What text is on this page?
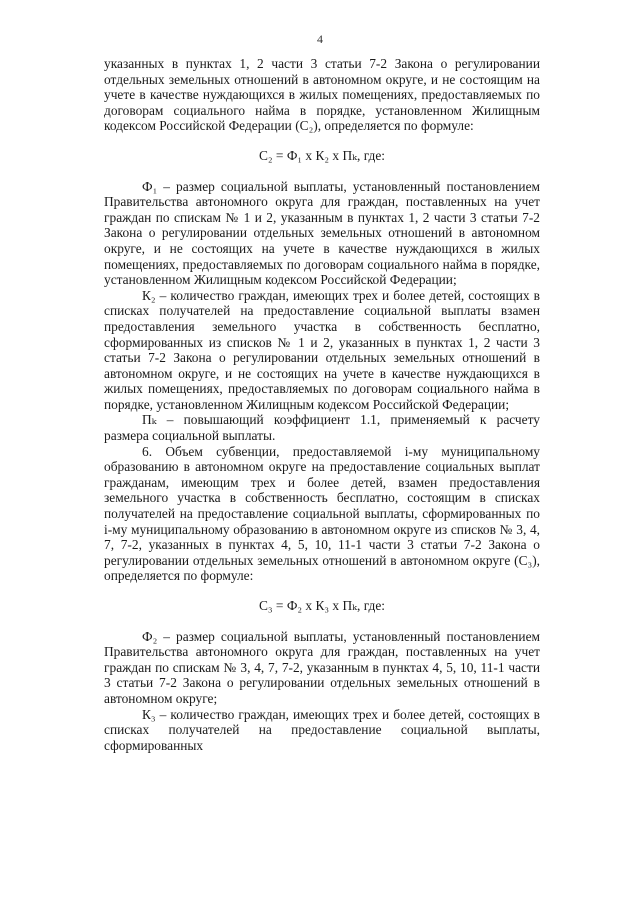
4

указанных в пунктах 1, 2 части 3 статьи 7-2 Закона о регулировании отдельных земельных отношений в автономном округе, и не состоящим на учете в качестве нуждающихся в жилых помещениях, предоставляемых по договорам социального найма в порядке, установленном Жилищным кодексом Российской Федерации (С₂), определяется по формуле:

С₂ = Ф₁ х К₂ х Пₖ, где:

Ф₁ – размер социальной выплаты, установленный постановлением Правительства автономного округа для граждан, поставленных на учет граждан по спискам № 1 и 2, указанным в пунктах 1, 2 части 3 статьи 7-2 Закона о регулировании отдельных земельных отношений в автономном округе, и не состоящих на учете в качестве нуждающихся в жилых помещениях, предоставляемых по договорам социального найма в порядке, установленном Жилищным кодексом Российской Федерации;

К₂ – количество граждан, имеющих трех и более детей, состоящих в списках получателей на предоставление социальной выплаты взамен предоставления земельного участка в собственность бесплатно, сформированных из списков № 1 и 2, указанных в пунктах 1, 2 части 3 статьи 7-2 Закона о регулировании отдельных земельных отношений в автономном округе, и не состоящих на учете в качестве нуждающихся в жилых помещениях, предоставляемых по договорам социального найма в порядке, установленном Жилищным кодексом Российской Федерации;

Пₖ – повышающий коэффициент 1.1, применяемый к расчету размера социальной выплаты.

6. Объем субвенции, предоставляемой i-му муниципальному образованию в автономном округе на предоставление социальных выплат гражданам, имеющим трех и более детей, взамен предоставления земельного участка в собственность бесплатно, состоящим в списках получателей на предоставление социальной выплаты, сформированных по i-му муниципальному образованию в автономном округе из списков № 3, 4, 7, 7-2, указанных в пунктах 4, 5, 10, 11-1 части 3 статьи 7-2 Закона о регулировании отдельных земельных отношений в автономном округе (С₃), определяется по формуле:

С₃ = Ф₂ х К₃ х Пₖ, где:

Ф₂ – размер социальной выплаты, установленный постановлением Правительства автономного округа для граждан, поставленных на учет граждан по спискам № 3, 4, 7, 7-2, указанным в пунктах 4, 5, 10, 11-1 части 3 статьи 7-2 Закона о регулировании отдельных земельных отношений в автономном округе;

К₃ – количество граждан, имеющих трех и более детей, состоящих в списках получателей на предоставление социальной выплаты, сформированных
